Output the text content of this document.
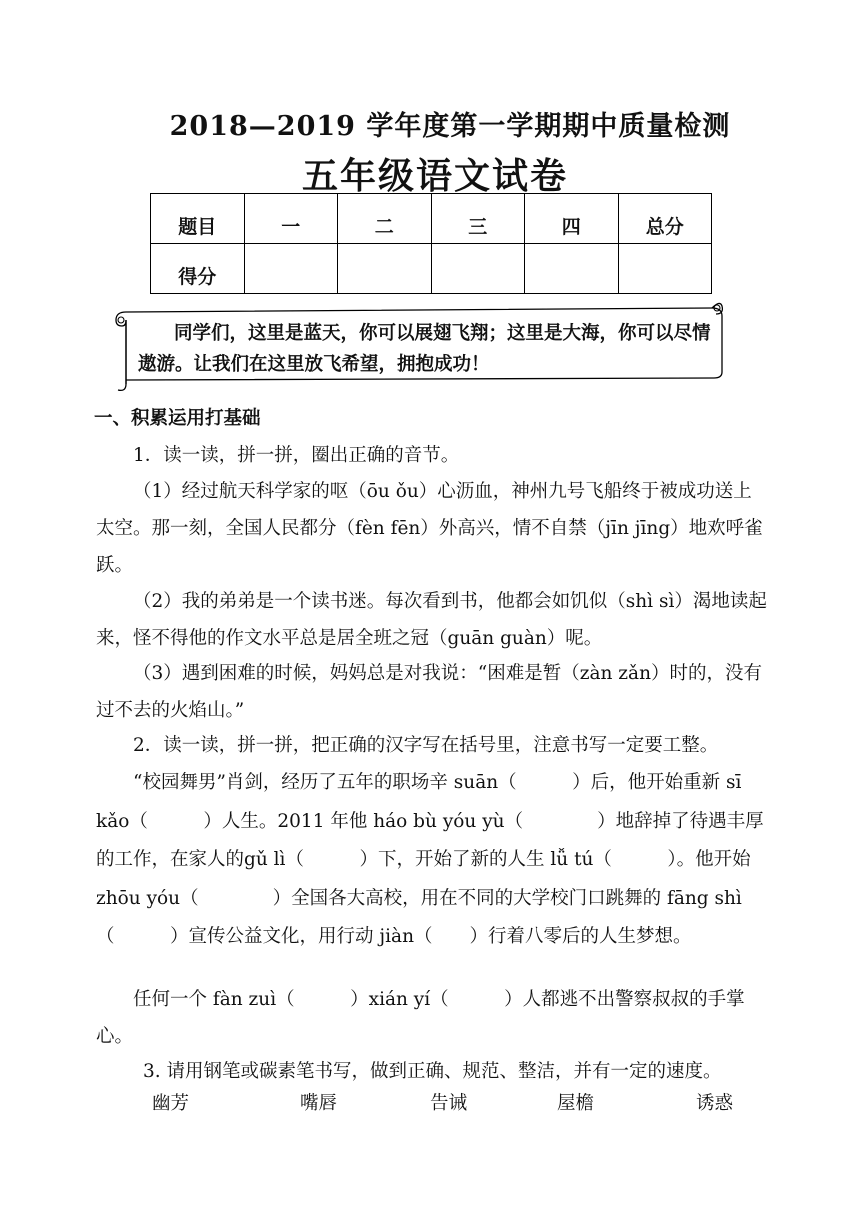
2018—2019 学年度第一学期期中质量检测
五年级语文试卷
题目	一	二	三	四	总分
得分					
同学们，这里是蓝天，你可以展翅飞翔；这里是大海，你可以尽情遨游。让我们在这里放飞希望，拥抱成功！
一、积累运用打基础
1．读一读，拼一拼，圈出正确的音节。
（1）经过航天科学家的呕（ōu ǒu）心沥血，神州九号飞船终于被成功送上太空。那一刻，全国人民都分（fèn fēn）外高兴，情不自禁（jīn jīng）地欢呼雀跃。
（2）我的弟弟是一个读书迷。每次看到书，他都会如饥似（shì sì）渴地读起来，怪不得他的作文水平总是居全班之冠（guān guàn）呢。
（3）遇到困难的时候，妈妈总是对我说：“困难是暂（zàn zǎn）时的，没有过不去的火焰山。”
2．读一读，拼一拼，把正确的汉字写在括号里，注意书写一定要工整。
“校园舞男”肖剑，经历了五年的职场辛 suān（　　　）后，他开始重新 sī kǎo（　　　）人生。2011 年他 háo bù yóu yù（　　　　）地辞掉了待遇丰厚的工作，在家人的gǔ lì（　　　）下，开始了新的人生 lǚ tú（　　　）。他开始 zhōu yóu（　　　　）全国各大高校，用在不同的大学校门口跳舞的 fāng shì（　　　）宣传公益文化，用行动 jiàn（　　）行着八零后的人生梦想。
任何一个 fàn zuì（　　　）xián yí（　　　）人都逃不出警察叔叔的手掌心。
3. 请用钢笔或碳素笔书写，做到正确、规范、整洁，并有一定的速度。
幽芳	嘴唇	告诫	屋檐	诱惑
